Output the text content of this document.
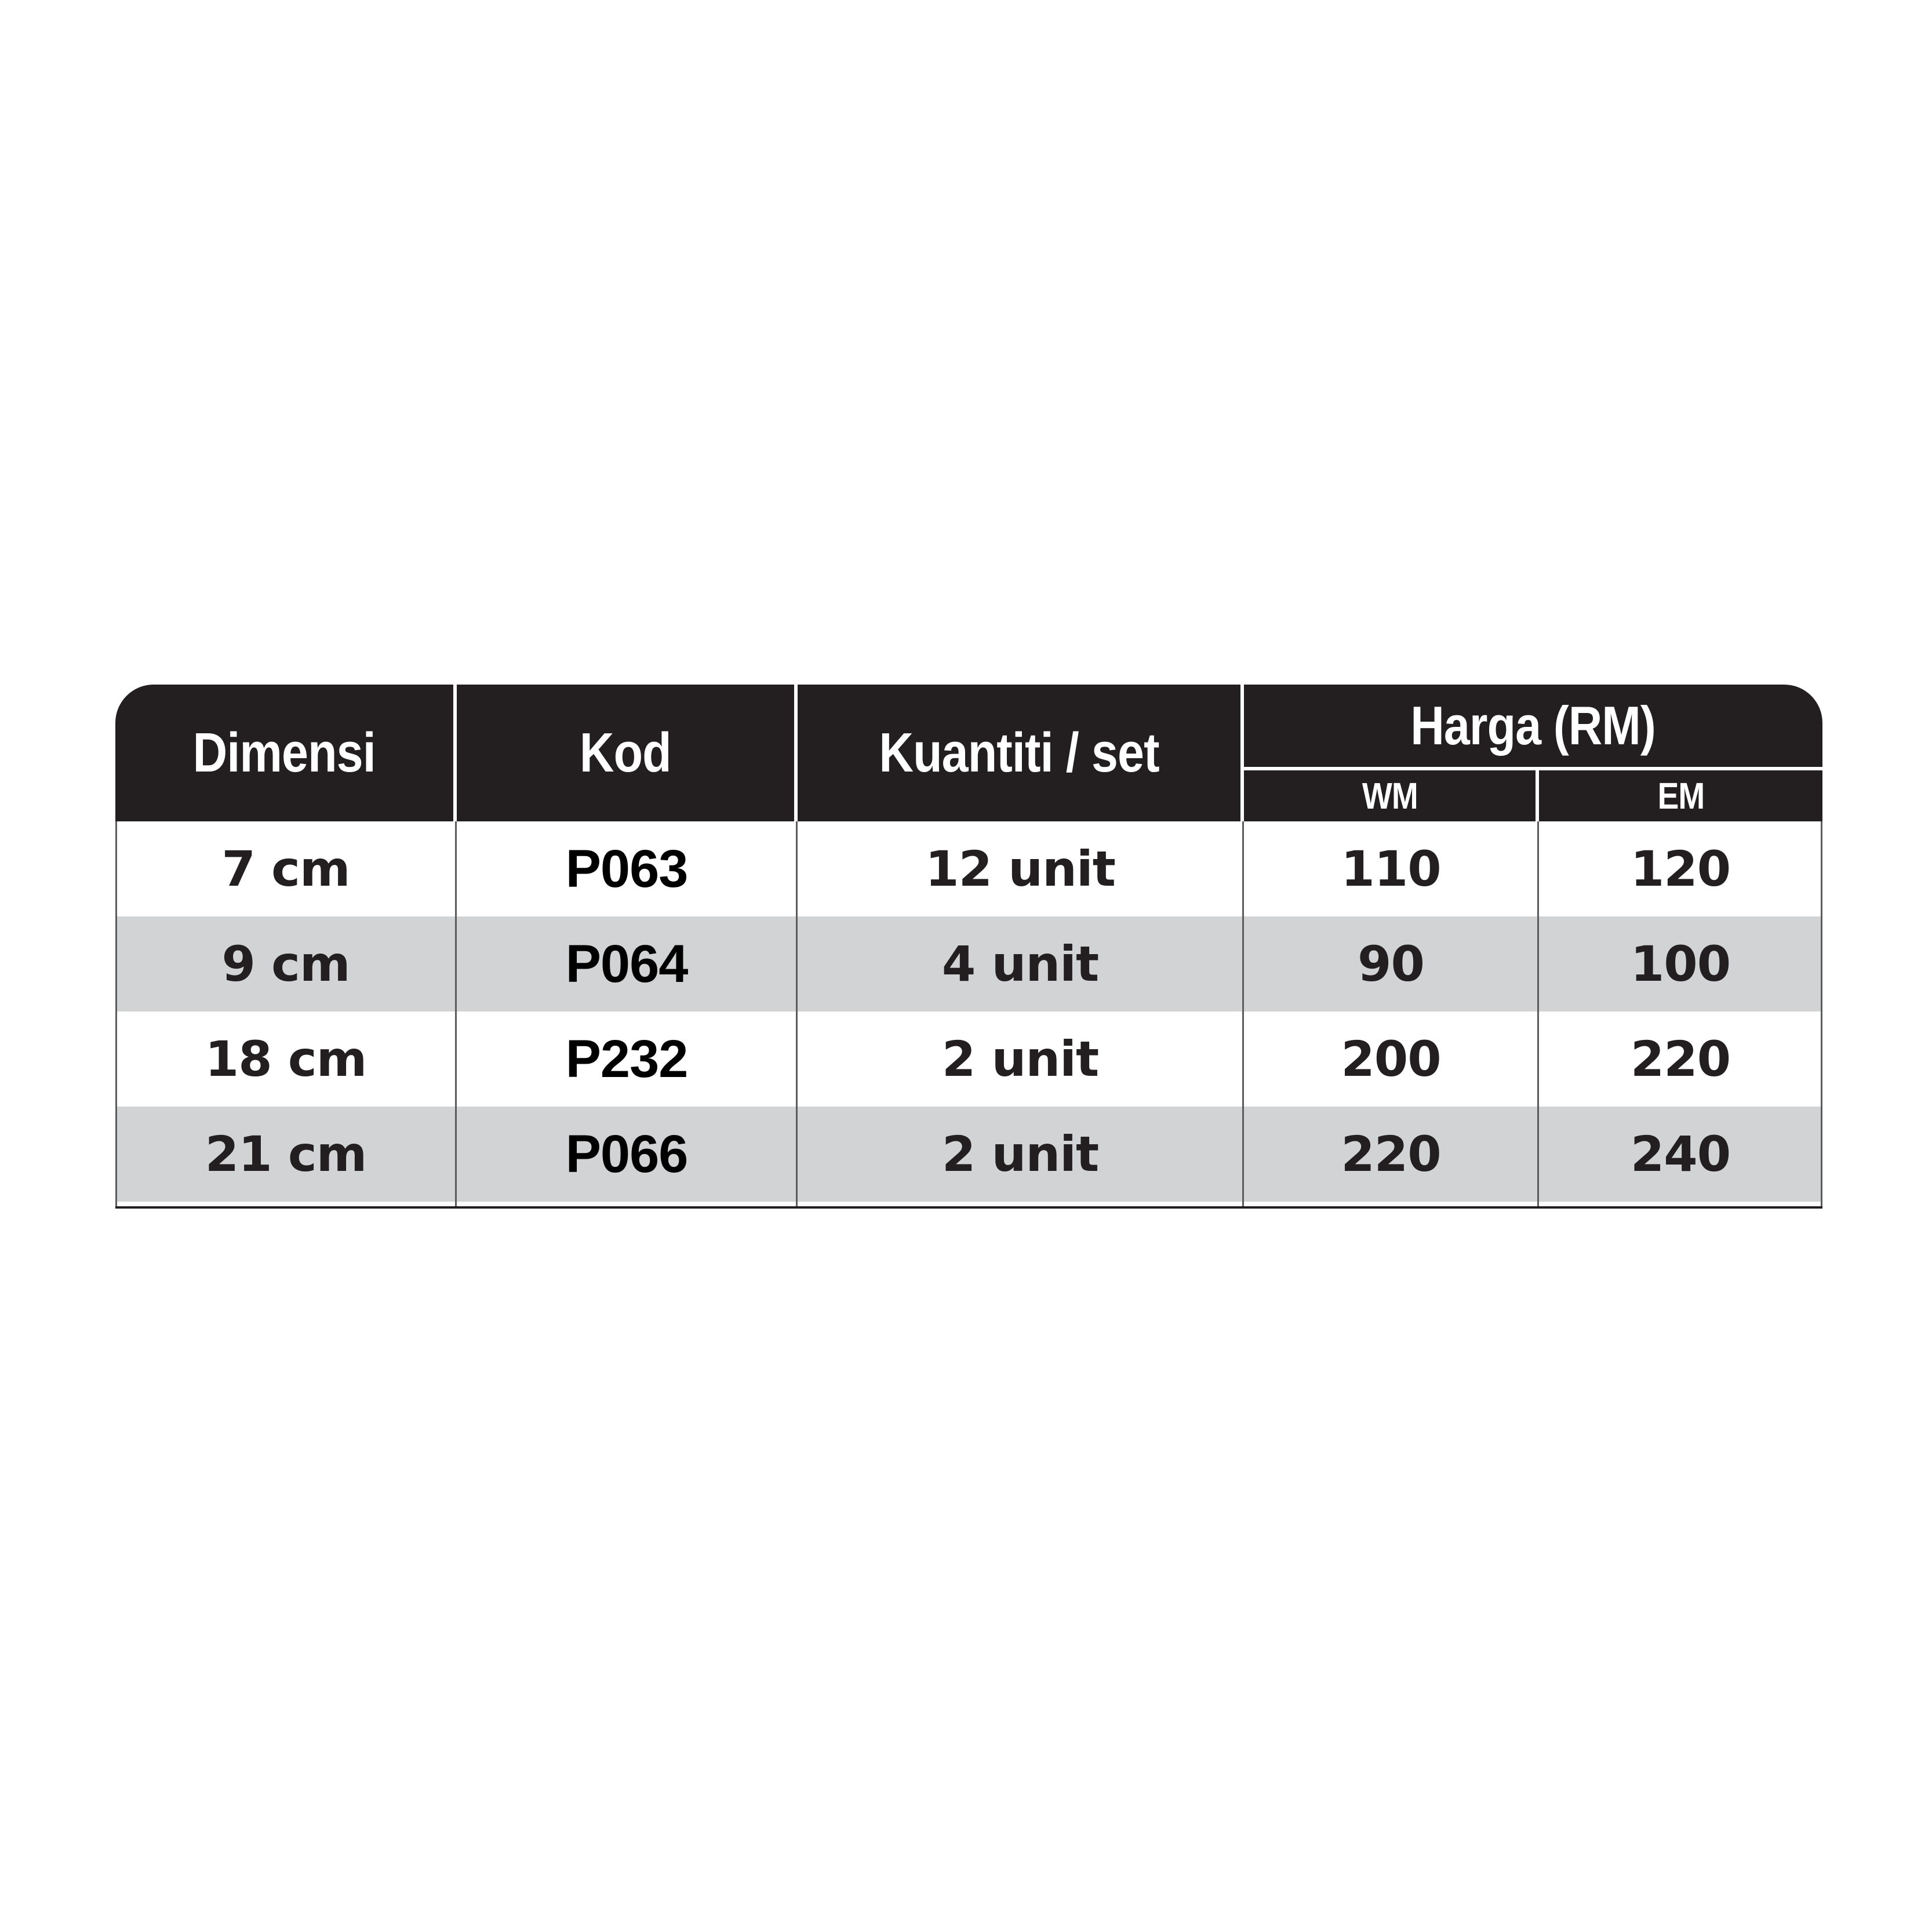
Dimensi	Kod	Kuantiti / set	Harga (RM)
WM	EM
7 cm	P063	12 unit	110	120
9 cm	P064	4 unit	90	100
18 cm	P232	2 unit	200	220
21 cm	P066	2 unit	220	240
